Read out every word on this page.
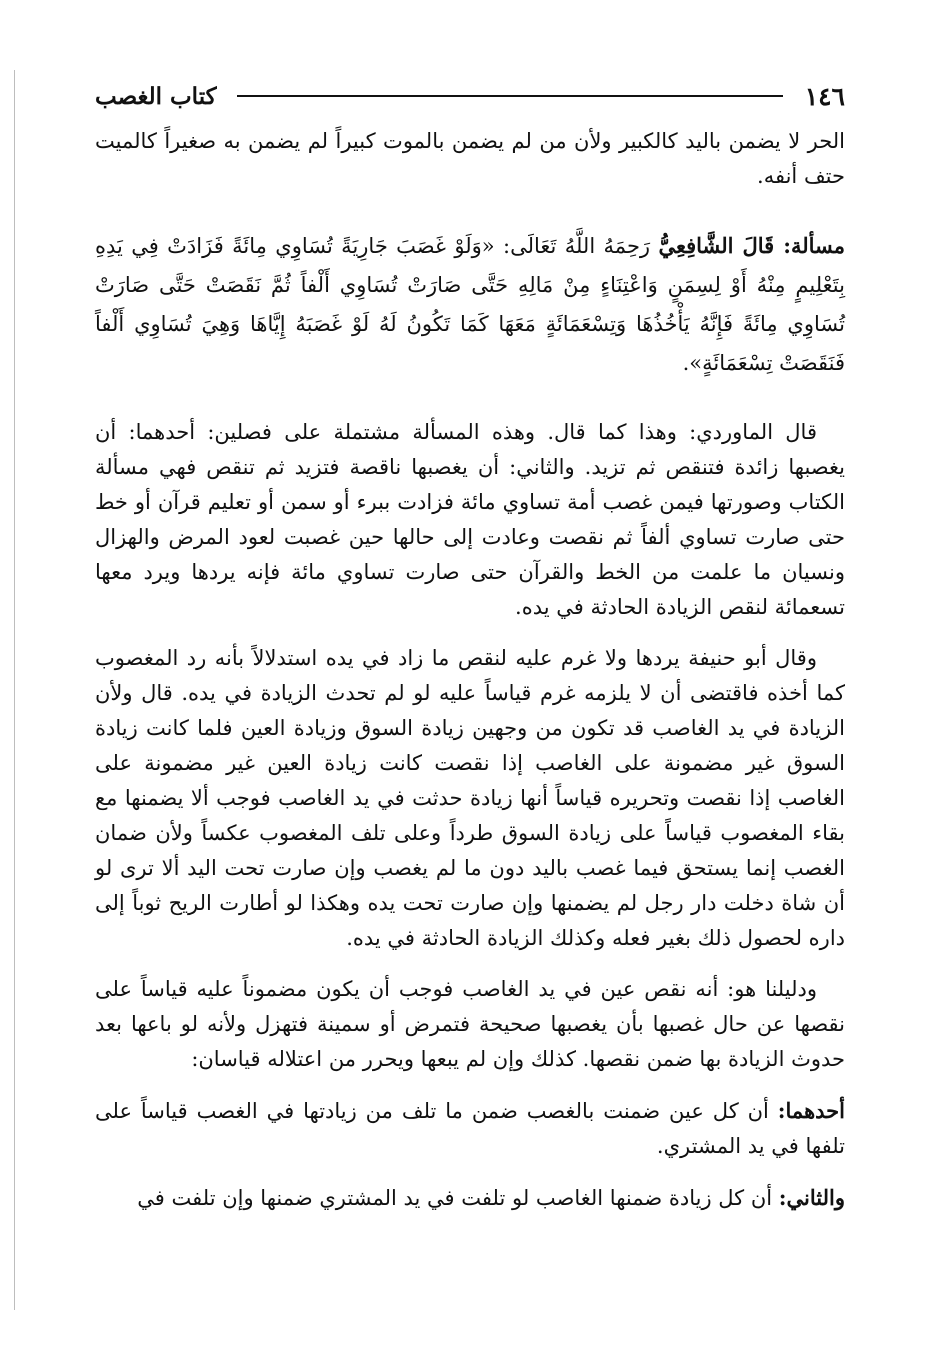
١٤٦
كتاب الغصب

الحر لا يضمن باليد كالكبير ولأن من لم يضمن بالموت كبيراً لم يضمن به صغيراً كالميت حتف أنفه.

مسألة: قَالَ الشَّافِعِيُّ رَحِمَهُ اللَّهُ تَعَالَى: «وَلَوْ غَصَبَ جَارِيَةً تُسَاوِي مِائَةً فَزَادَتْ فِي يَدِهِ بِتَعْلِيمٍ مِنْهُ أَوْ لِسِمَنٍ وَاعْتِنَاءٍ مِنْ مَالِهِ حَتَّى صَارَتْ تُسَاوِي أَلْفاً ثُمَّ نَقَصَتْ حَتَّى صَارَتْ تُسَاوِي مِائَةً فَإِنَّهُ يَأْخُذُهَا وَتِسْعَمَائَةٍ مَعَهَا كَمَا تَكُونُ لَهُ لَوْ غَصَبَهُ إِيَّاهَا وَهِيَ تُسَاوِي أَلْفاً فَنَقَصَتْ تِسْعَمَائَةٍ».

قال الماوردي: وهذا كما قال. وهذه المسألة مشتملة على فصلين: أحدهما: أن يغصبها زائدة فتنقص ثم تزيد. والثاني: أن يغصبها ناقصة فتزيد ثم تنقص فهي مسألة الكتاب وصورتها فيمن غصب أمة تساوي مائة فزادت ببرء أو سمن أو تعليم قرآن أو خط حتى صارت تساوي ألفاً ثم نقصت وعادت إلى حالها حين غصبت لعود المرض والهزال ونسيان ما علمت من الخط والقرآن حتى صارت تساوي مائة فإنه يردها ويرد معها تسعمائة لنقص الزيادة الحادثة في يده.

وقال أبو حنيفة يردها ولا غرم عليه لنقص ما زاد في يده استدلالاً بأنه رد المغصوب كما أخذه فاقتضى أن لا يلزمه غرم قياساً عليه لو لم تحدث الزيادة في يده. قال ولأن الزيادة في يد الغاصب قد تكون من وجهين زيادة السوق وزيادة العين فلما كانت زيادة السوق غير مضمونة على الغاصب إذا نقصت كانت زيادة العين غير مضمونة على الغاصب إذا نقصت وتحريره قياساً أنها زيادة حدثت في يد الغاصب فوجب ألا يضمنها مع بقاء المغصوب قياساً على زيادة السوق طرداً وعلى تلف المغصوب عكساً ولأن ضمان الغصب إنما يستحق فيما غصب باليد دون ما لم يغصب وإن صارت تحت اليد ألا ترى لو أن شاة دخلت دار رجل لم يضمنها وإن صارت تحت يده وهكذا لو أطارت الريح ثوباً إلى داره لحصول ذلك بغير فعله وكذلك الزيادة الحادثة في يده.

ودليلنا هو: أنه نقص عين في يد الغاصب فوجب أن يكون مضموناً عليه قياساً على نقصها عن حال غصبها بأن يغصبها صحيحة فتمرض أو سمينة فتهزل ولأنه لو باعها بعد حدوث الزيادة بها ضمن نقصها. كذلك وإن لم يبعها ويحرر من اعتلاله قياسان:

أحدهما: أن كل عين ضمنت بالغصب ضمن ما تلف من زيادتها في الغصب قياساً على تلفها في يد المشتري.

والثاني: أن كل زيادة ضمنها الغاصب لو تلفت في يد المشتري ضمنها وإن تلفت في
